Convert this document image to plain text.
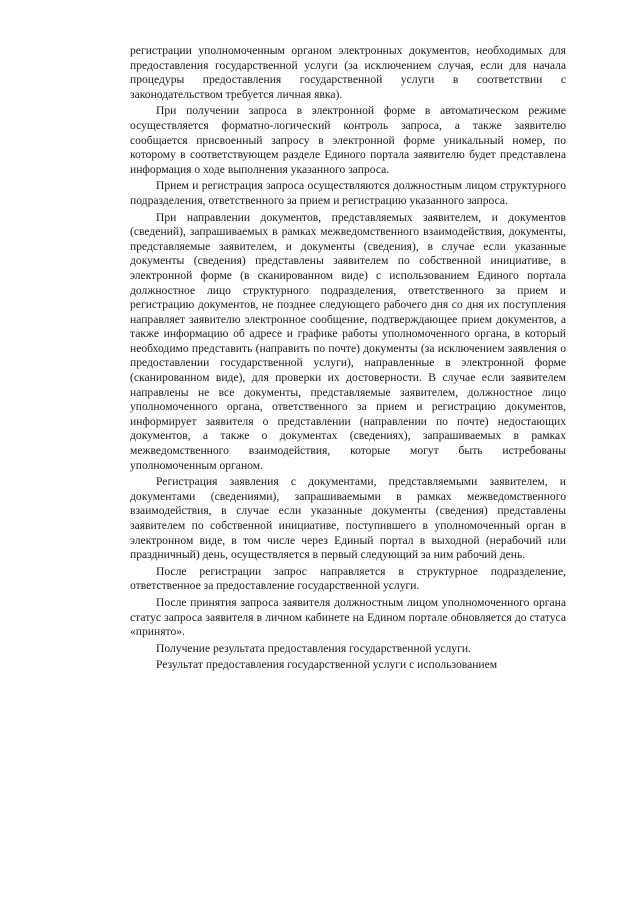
регистрации уполномоченным органом электронных документов, необходимых для предоставления государственной услуги (за исключением случая, если для начала процедуры предоставления государственной услуги в соответствии с законодательством требуется личная явка).

При получении запроса в электронной форме в автоматическом режиме осуществляется форматно-логический контроль запроса, а также заявителю сообщается присвоенный запросу в электронной форме уникальный номер, по которому в соответствующем разделе Единого портала заявителю будет представлена информация о ходе выполнения указанного запроса.

Прием и регистрация запроса осуществляются должностным лицом структурного подразделения, ответственного за прием и регистрацию указанного запроса.

При направлении документов, представляемых заявителем, и документов (сведений), запрашиваемых в рамках межведомственного взаимодействия, документы, представляемые заявителем, и документы (сведения), в случае если указанные документы (сведения) представлены заявителем по собственной инициативе, в электронной форме (в сканированном виде) с использованием Единого портала должностное лицо структурного подразделения, ответственного за прием и регистрацию документов, не позднее следующего рабочего дня со дня их поступления направляет заявителю электронное сообщение, подтверждающее прием документов, а также информацию об адресе и графике работы уполномоченного органа, в который необходимо представить (направить по почте) документы (за исключением заявления о предоставлении государственной услуги), направленные в электронной форме (сканированном виде), для проверки их достоверности. В случае если заявителем направлены не все документы, представляемые заявителем, должностное лицо уполномоченного органа, ответственного за прием и регистрацию документов, информирует заявителя о представлении (направлении по почте) недостающих документов, а также о документах (сведениях), запрашиваемых в рамках межведомственного взаимодействия, которые могут быть истребованы уполномоченным органом.

Регистрация заявления с документами, представляемыми заявителем, и документами (сведениями), запрашиваемыми в рамках межведомственного взаимодействия, в случае если указанные документы (сведения) представлены заявителем по собственной инициативе, поступившего в уполномоченный орган в электронном виде, в том числе через Единый портал в выходной (нерабочий или праздничный) день, осуществляется в первый следующий за ним рабочий день.

После регистрации запрос направляется в структурное подразделение, ответственное за предоставление государственной услуги.

После принятия запроса заявителя должностным лицом уполномоченного органа статус запроса заявителя в личном кабинете на Едином портале обновляется до статуса «принято».

Получение результата предоставления государственной услуги.

Результат предоставления государственной услуги с использованием
